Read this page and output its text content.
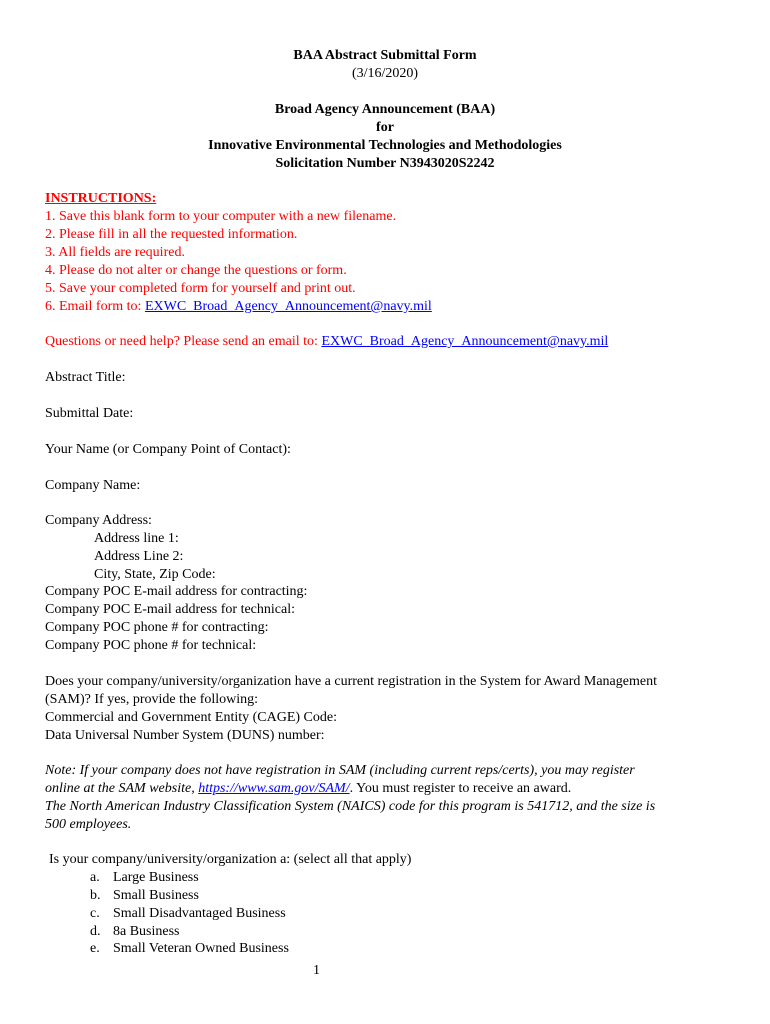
BAA Abstract Submittal Form
(3/16/2020)
Broad Agency Announcement (BAA)
for
Innovative Environmental Technologies and Methodologies
Solicitation Number N3943020S2242
INSTRUCTIONS:
1. Save this blank form to your computer with a new filename.
2. Please fill in all the requested information.
3. All fields are required.
4. Please do not alter or change the questions or form.
5. Save your completed form for yourself and print out.
6. Email form to: EXWC_Broad_Agency_Announcement@navy.mil
Questions or need help? Please send an email to: EXWC_Broad_Agency_Announcement@navy.mil
Abstract Title:
Submittal Date:
Your Name (or Company Point of Contact):
Company Name:
Company Address:
Address line 1:
Address Line 2:
City, State, Zip Code:
Company POC E-mail address for contracting:
Company POC E-mail address for technical:
Company POC phone # for contracting:
Company POC phone # for technical:
Does your company/university/organization have a current registration in the System for Award Management
(SAM)? If yes, provide the following:
Commercial and Government Entity (CAGE) Code:
Data Universal Number System (DUNS) number:
Note: If your company does not have registration in SAM (including current reps/certs), you may register
online at the SAM website, https://www.sam.gov/SAM/. You must register to receive an award.
The North American Industry Classification System (NAICS) code for this program is 541712, and the size is
500 employees.
Is your company/university/organization a: (select all that apply)
a. Large Business
b. Small Business
c. Small Disadvantaged Business
d. 8a Business
e. Small Veteran Owned Business
1
